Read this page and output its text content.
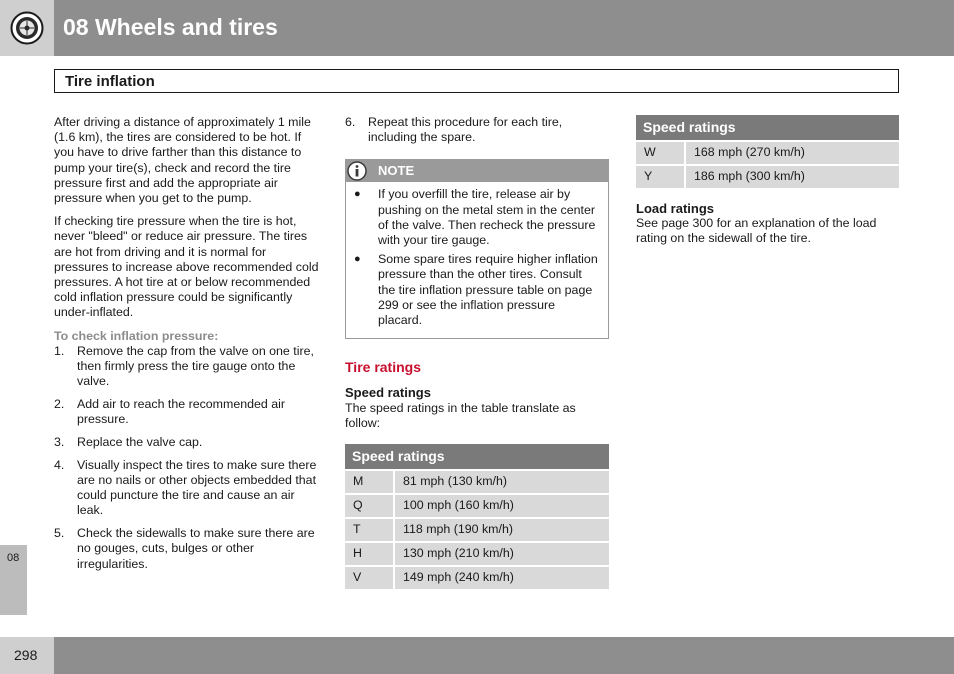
08 Wheels and tires
Tire inflation

After driving a distance of approximately 1 mile (1.6 km), the tires are considered to be hot. If you have to drive farther than this distance to pump your tire(s), check and record the tire pressure first and add the appropriate air pressure when you get to the pump.

If checking tire pressure when the tire is hot, never "bleed" or reduce air pressure. The tires are hot from driving and it is normal for pressures to increase above recommended cold pressures. A hot tire at or below recommended cold inflation pressure could be significantly under-inflated.

To check inflation pressure:
1.	Remove the cap from the valve on one tire, then firmly press the tire gauge onto the valve.
2.	Add air to reach the recommended air pressure.
3.	Replace the valve cap.
4.	Visually inspect the tires to make sure there are no nails or other objects embedded that could puncture the tire and cause an air leak.
5.	Check the sidewalls to make sure there are no gouges, cuts, bulges or other irregularities.
6.	Repeat this procedure for each tire, including the spare.
NOTE
●	If you overfill the tire, release air by pushing on the metal stem in the center of the valve. Then recheck the pressure with your tire gauge.
●	Some spare tires require higher inflation pressure than the other tires. Consult the tire inflation pressure table on page 299 or see the inflation pressure placard.
Tire ratings
Speed ratings

The speed ratings in the table translate as follow:

Speed ratings	
M	81 mph (130 km/h)
Q	100 mph (160 km/h)
T	118 mph (190 km/h)
H	130 mph (210 km/h)
V	149 mph (240 km/h)
Speed ratings	
W	168 mph (270 km/h)
Y	186 mph (300 km/h)
Load ratings

See page 300 for an explanation of the load rating on the sidewall of the tire.

08
298
